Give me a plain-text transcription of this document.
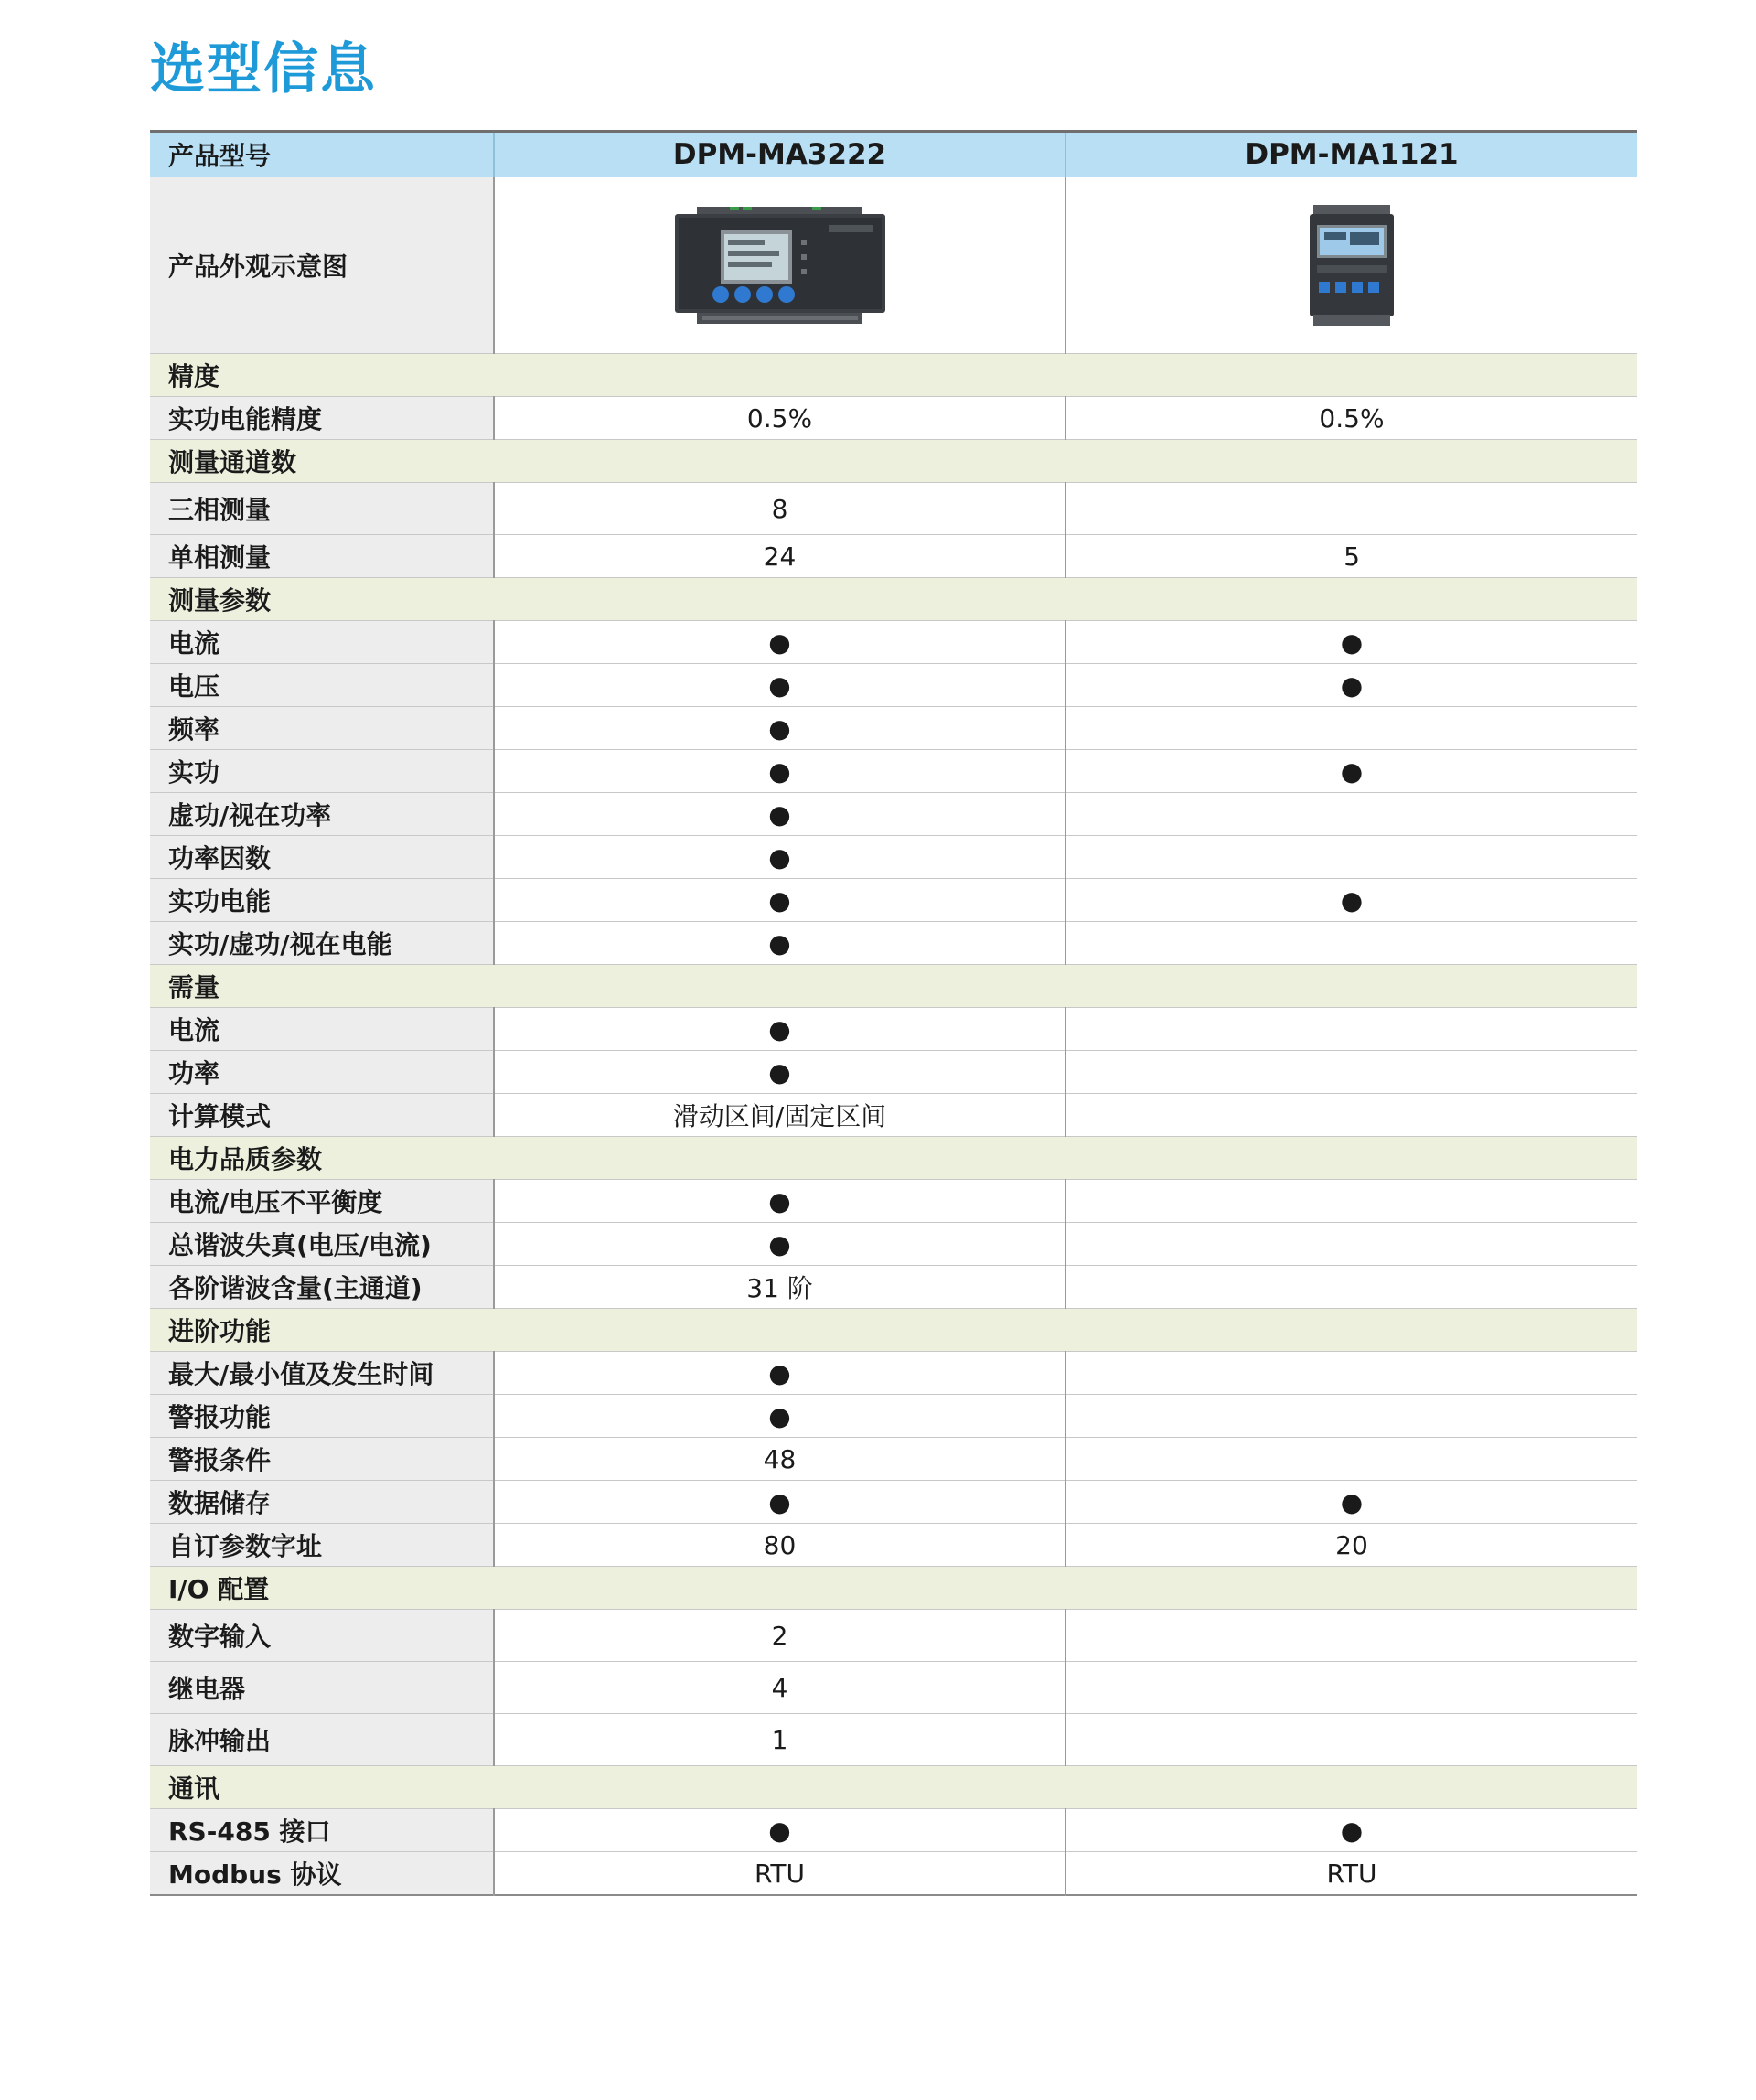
选型信息
产品型号	DPM-MA3222	DPM-MA1121
产品外观示意图		
精度		
实功电能精度	0.5%	0.5%
测量通道数		
三相测量	8	
单相测量	24	5
测量参数		
电流	●	●
电压	●	●
频率	●	
实功	●	●
虚功/视在功率	●	
功率因数	●	
实功电能	●	●
实功/虚功/视在电能	●	
需量		
电流	●	
功率	●	
计算模式	滑动区间/固定区间	
电力品质参数		
电流/电压不平衡度	●	
总谐波失真(电压/电流)	●	
各阶谐波含量(主通道)	31 阶	
进阶功能		
最大/最小值及发生时间	●	
警报功能	●	
警报条件	48	
数据储存	●	●
自订参数字址	80	20
I/O 配置		
数字输入	2	
继电器	4	
脉冲输出	1	
通讯		
RS-485 接口	●	●
Modbus 协议	RTU	RTU
